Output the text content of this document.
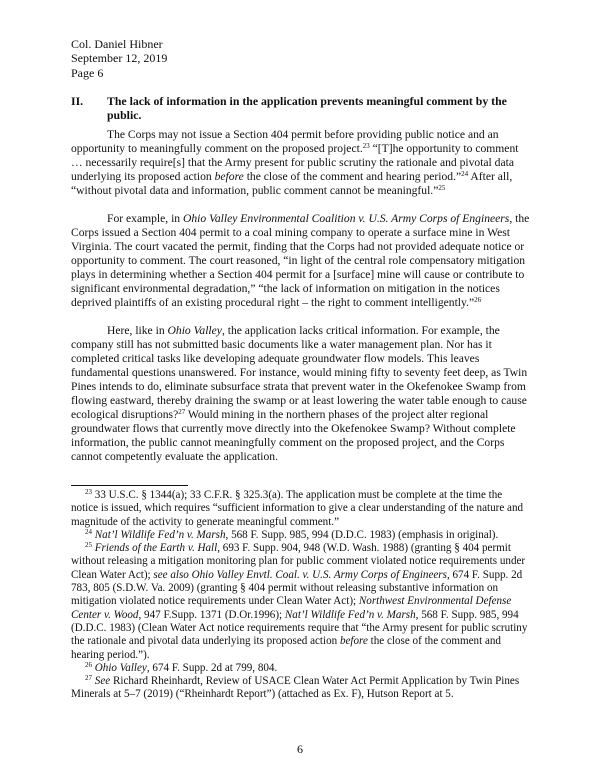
Col. Daniel Hibner
September 12, 2019
Page 6
II. The lack of information in the application prevents meaningful comment by the public.

The Corps may not issue a Section 404 permit before providing public notice and an opportunity to meaningfully comment on the proposed project.$^{23}$ “[T]he opportunity to comment … necessarily require[s] that the Army present for public scrutiny the rationale and pivotal data underlying its proposed action before the close of the comment and hearing period.”$^{24}$ After all, “without pivotal data and information, public comment cannot be meaningful.”$^{25}$

For example, in Ohio Valley Environmental Coalition v. U.S. Army Corps of Engineers, the Corps issued a Section 404 permit to a coal mining company to operate a surface mine in West Virginia. The court vacated the permit, finding that the Corps had not provided adequate notice or opportunity to comment. The court reasoned, “in light of the central role compensatory mitigation plays in determining whether a Section 404 permit for a [surface] mine will cause or contribute to significant environmental degradation,” “the lack of information on mitigation in the notices deprived plaintiffs of an existing procedural right – the right to comment intelligently.”$^{26}$

Here, like in Ohio Valley, the application lacks critical information. For example, the company still has not submitted basic documents like a water management plan. Nor has it completed critical tasks like developing adequate groundwater flow models. This leaves fundamental questions unanswered. For instance, would mining fifty to seventy feet deep, as Twin Pines intends to do, eliminate subsurface strata that prevent water in the Okefenokee Swamp from flowing eastward, thereby draining the swamp or at least lowering the water table enough to cause ecological disruptions?$^{27}$ Would mining in the northern phases of the project alter regional groundwater flows that currently move directly into the Okefenokee Swamp? Without complete information, the public cannot meaningfully comment on the proposed project, and the Corps cannot competently evaluate the application.

$^{23}$ 33 U.S.C. § 1344(a); 33 C.F.R. § 325.3(a). The application must be complete at the time the notice is issued, which requires “sufficient information to give a clear understanding of the nature and magnitude of the activity to generate meaningful comment.”

$^{24}$ Nat’l Wildlife Fed’n v. Marsh, 568 F. Supp. 985, 994 (D.D.C. 1983) (emphasis in original).

$^{25}$ Friends of the Earth v. Hall, 693 F. Supp. 904, 948 (W.D. Wash. 1988) (granting § 404 permit without releasing a mitigation monitoring plan for public comment violated notice requirements under Clean Water Act); see also Ohio Valley Envtl. Coal. v. U.S. Army Corps of Engineers, 674 F. Supp. 2d 783, 805 (S.D.W. Va. 2009) (granting § 404 permit without releasing substantive information on mitigation violated notice requirements under Clean Water Act); Northwest Environmental Defense Center v. Wood, 947 F.Supp. 1371 (D.Or.1996); Nat’l Wildlife Fed’n v. Marsh, 568 F. Supp. 985, 994 (D.D.C. 1983) (Clean Water Act notice requirements require that “the Army present for public scrutiny the rationale and pivotal data underlying its proposed action before the close of the comment and hearing period.”).

$^{26}$ Ohio Valley, 674 F. Supp. 2d at 799, 804.

$^{27}$ See Richard Rheinhardt, Review of USACE Clean Water Act Permit Application by Twin Pines Minerals at 5–7 (2019) (“Rheinhardt Report”) (attached as Ex. F), Hutson Report at 5.

6
